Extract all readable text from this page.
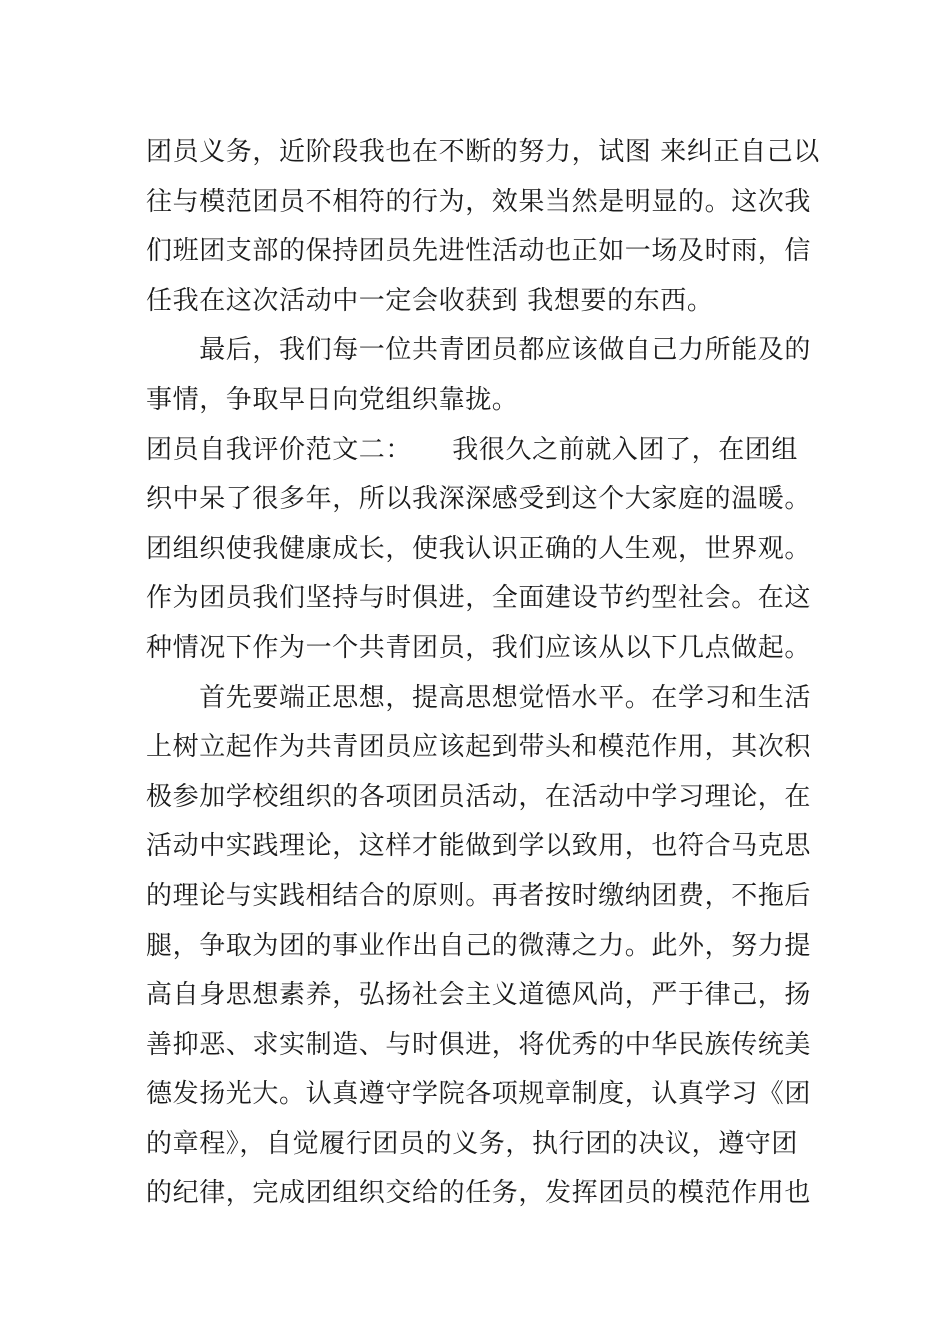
团员义务，近阶段我也在不断的努力，试图 来纠正自己以
往与模范团员不相符的行为，效果当然是明显的。这次我
们班团支部的保持团员先进性活动也正如一场及时雨，信
任我在这次活动中一定会收获到 我想要的东西。
　　最后，我们每一位共青团员都应该做自己力所能及的
事情，争取早日向党组织靠拢。
团员自我评价范文二：　　我很久之前就入团了，在团组
织中呆了很多年，所以我深深感受到这个大家庭的温暖。
团组织使我健康成长，使我认识正确的人生观，世界观。
作为团员我们坚持与时俱进，全面建设节约型社会。在这
种情况下作为一个共青团员，我们应该从以下几点做起。
　　首先要端正思想，提高思想觉悟水平。在学习和生活
上树立起作为共青团员应该起到带头和模范作用，其次积
极参加学校组织的各项团员活动，在活动中学习理论，在
活动中实践理论，这样才能做到学以致用，也符合马克思
的理论与实践相结合的原则。再者按时缴纳团费，不拖后
腿，争取为团的事业作出自己的微薄之力。此外，努力提
高自身思想素养，弘扬社会主义道德风尚，严于律己，扬
善抑恶、求实制造、与时俱进，将优秀的中华民族传统美
德发扬光大。认真遵守学院各项规章制度，认真学习《团
的章程》，自觉履行团员的义务，执行团的决议，遵守团
的纪律，完成团组织交给的任务，发挥团员的模范作用也
